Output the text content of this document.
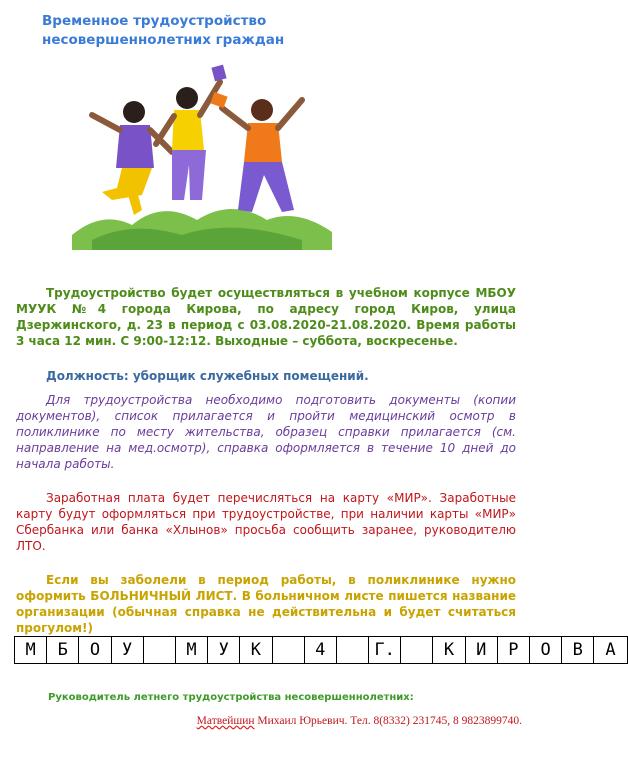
Временное трудоустройство
несовершеннолетних граждан
Трудоустройство будет осуществляться в учебном корпусе МБОУ МУУК №4 города Кирова, по адресу город Киров, улица Дзержинского, д. 23 в период с 03.08.2020-21.08.2020. Время работы 3 часа 12 мин. С 9:00-12:12. Выходные – суббота, воскресенье.
Должность: уборщик служебных помещений.
Для трудоустройства необходимо подготовить документы (копии документов), список прилагается и пройти медицинский осмотр в поликлинике по месту жительства, образец справки прилагается (см. направление на мед.осмотр), справка оформляется в течение 10 дней до начала работы.
Заработная плата будет перечисляться на карту «МИР». Заработные карту будут оформляться при трудоустройстве, при наличии карты «МИР» Сбербанка или банка «Хлынов» просьба сообщить заранее, руководителю ЛТО.
Если вы заболели в период работы, в поликлинике нужно оформить БОЛЬНИЧНЫЙ ЛИСТ. В больничном листе пишется название организации (обычная справка не действительна и будет считаться прогулом!)
М	Б	О	У	М	У	К	4	Г.	К	И	Р	О	В	А
Руководитель летнего трудоустройства несовершеннолетних:
Матвейшин Михаил Юрьевич. Тел. 8(8332) 231745, 8 9823899740.
